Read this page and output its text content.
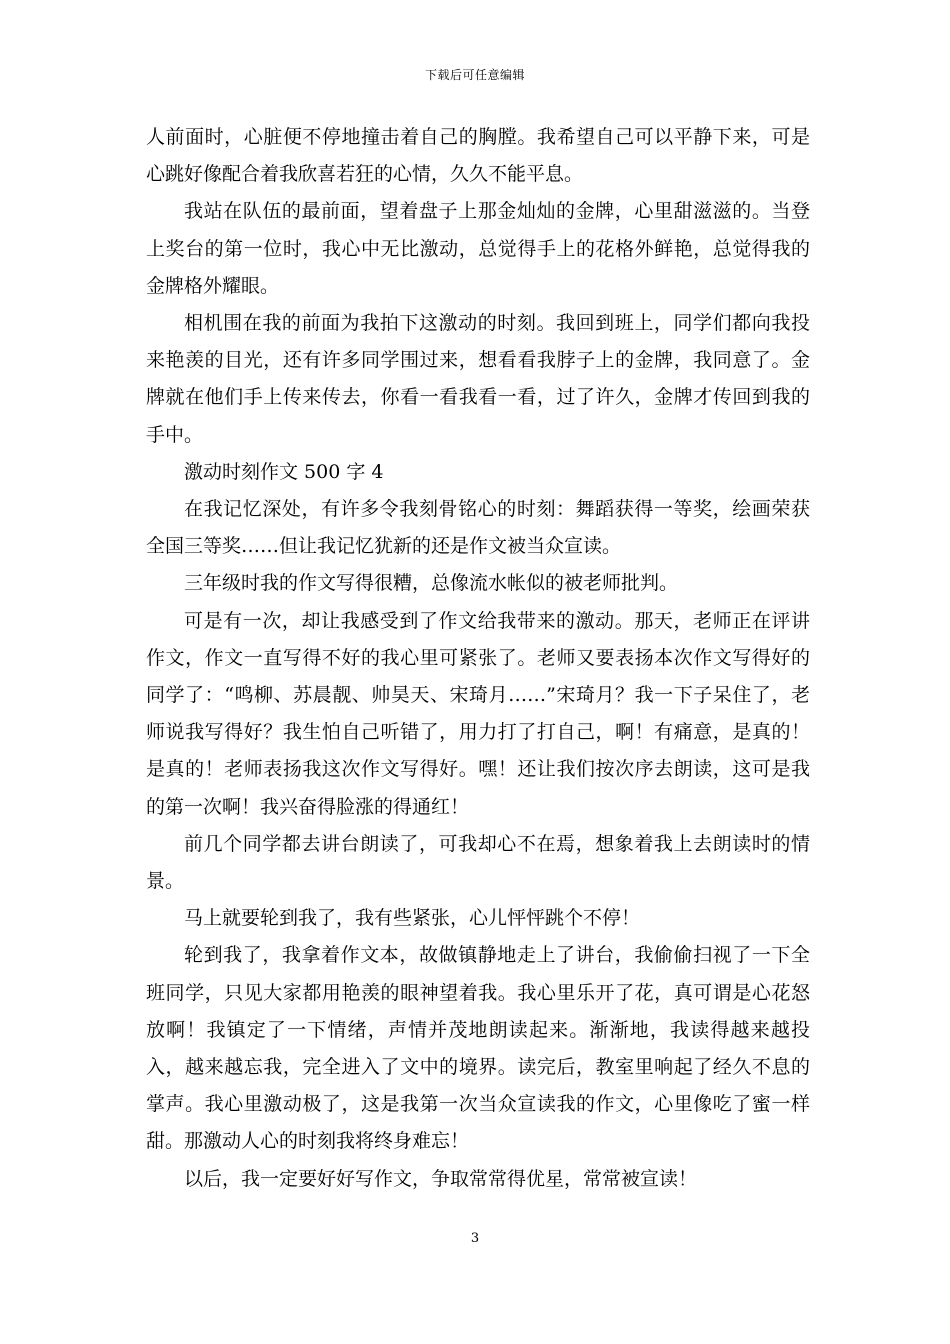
下载后可任意编辑

人前面时，心脏便不停地撞击着自己的胸膛。我希望自己可以平静下来，可是心跳好像配合着我欣喜若狂的心情，久久不能平息。

我站在队伍的最前面，望着盘子上那金灿灿的金牌，心里甜滋滋的。当登上奖台的第一位时，我心中无比激动，总觉得手上的花格外鲜艳，总觉得我的金牌格外耀眼。

相机围在我的前面为我拍下这激动的时刻。我回到班上，同学们都向我投来艳羡的目光，还有许多同学围过来，想看看我脖子上的金牌，我同意了。金牌就在他们手上传来传去，你看一看我看一看，过了许久，金牌才传回到我的手中。

激动时刻作文 500 字 4

在我记忆深处，有许多令我刻骨铭心的时刻：舞蹈获得一等奖，绘画荣获全国三等奖……但让我记忆犹新的还是作文被当众宣读。

三年级时我的作文写得很糟，总像流水帐似的被老师批判。

可是有一次，却让我感受到了作文给我带来的激动。那天，老师正在评讲作文，作文一直写得不好的我心里可紧张了。老师又要表扬本次作文写得好的同学了：“鸣柳、苏晨靓、帅昊天、宋琦月……”宋琦月？我一下子呆住了，老师说我写得好？我生怕自己听错了，用力打了打自己，啊！有痛意，是真的！是真的！老师表扬我这次作文写得好。嘿！还让我们按次序去朗读，这可是我的第一次啊！我兴奋得脸涨的得通红！

前几个同学都去讲台朗读了，可我却心不在焉，想象着我上去朗读时的情景。

马上就要轮到我了，我有些紧张，心儿怦怦跳个不停！

轮到我了，我拿着作文本，故做镇静地走上了讲台，我偷偷扫视了一下全班同学，只见大家都用艳羡的眼神望着我。我心里乐开了花，真可谓是心花怒放啊！我镇定了一下情绪，声情并茂地朗读起来。渐渐地，我读得越来越投入，越来越忘我，完全进入了文中的境界。读完后，教室里响起了经久不息的掌声。我心里激动极了，这是我第一次当众宣读我的作文，心里像吃了蜜一样甜。那激动人心的时刻我将终身难忘！

以后，我一定要好好写作文，争取常常得优星，常常被宣读！

3
